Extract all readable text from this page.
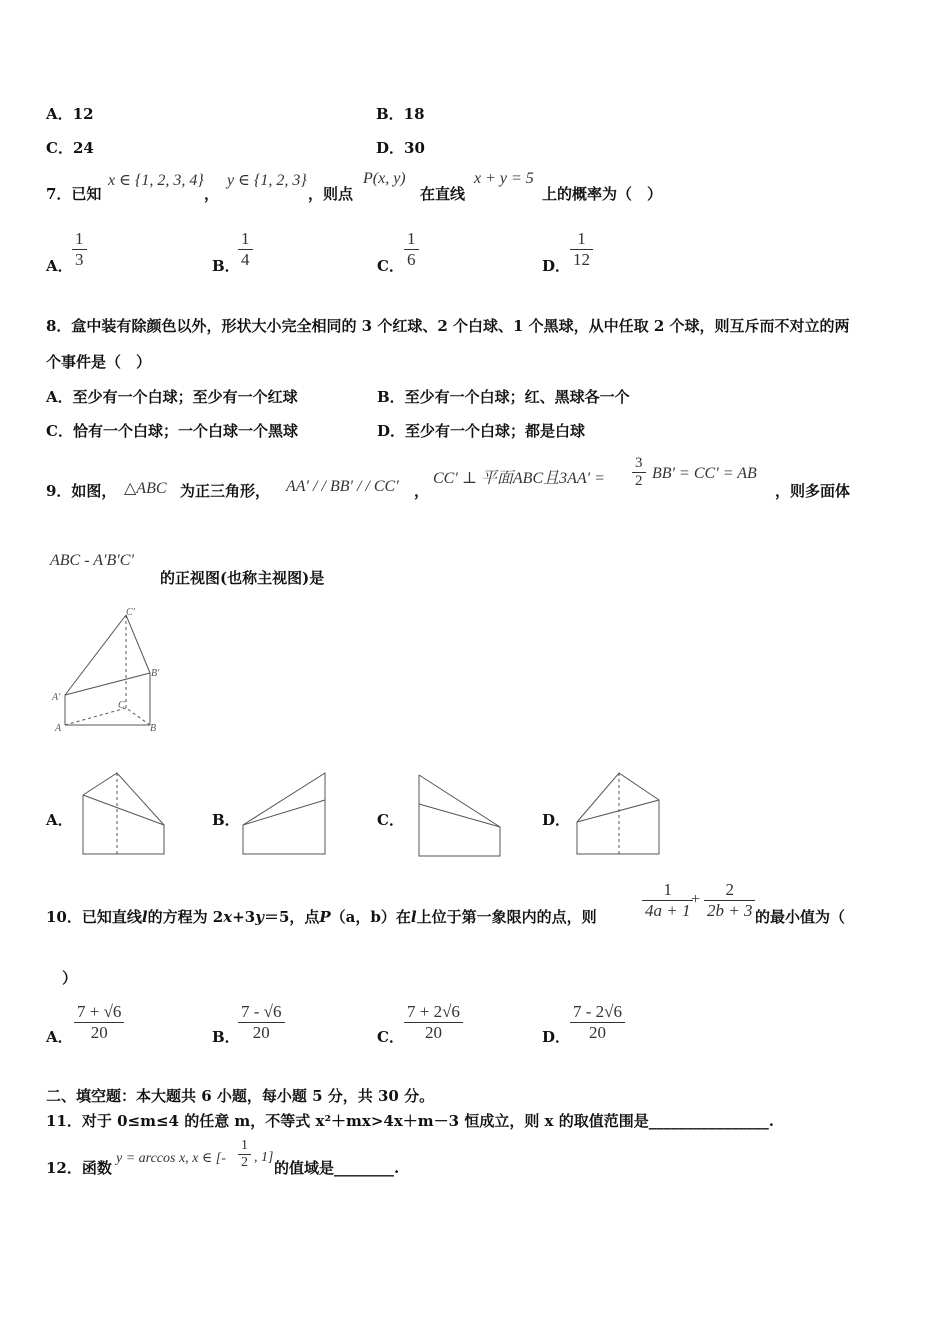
A．12	B．18
C．24	D．30
7．已知
x ∈ {1, 2, 3, 4}
，
y ∈ {1, 2, 3}
，则点
P(x, y)
在直线
x + y = 5
上的概率为（　）
A． $\frac{1}{3}$	B．
$\frac{1}{4}$	C． $\frac{1}{6}$	D． $\frac{1}{12}$
8．盒中装有除颜色以外，形状大小完全相同的 3 个红球、2 个白球、1 个黑球，从中任取 2 个球，则互斥而不对立的两
个事件是（　）
A．至少有一个白球；至少有一个红球	B．至少有一个白球；红、黑球各一个
C．恰有一个白球；一个白球一个黑球	D．至少有一个白球；都是白球
9．如图， △ABC 为正三角形， AA′ / / BB′ / / CC′ ，
CC′ ⊥ 平面ABC且$3AA' = \frac{3}{2} BB' = CC'$ = AB
，则多面体
ABC - A′B′C′
的正视图(也称主视图)是
C′
B′
A′
C
A	B
A．	B．	C．	D．
10．已知直线l的方程为 2x+3y＝5，点P（a，b）在l上位于第一象限内的点，则	$\frac{1}{4a + 1}$
+ $\frac{2}{2b + 3}$ 的最小值为（
）
A． $\frac{7 + √6}{20}$	B．
$\frac{7 - √6}{20}$	C． $\frac{7 + 2√6}{20}$	D． $\frac{7 - 2√6}{20}$
二、填空题：本大题共 6 小题，每小题 5 分，共 30 分。
11．对于 0≤m≤4 的任意 m，不等式 x²＋mx>4x＋m－3 恒成立，则 x 的取值范围是________________.
12．函数
y = arccos x, x ∈ [- $\frac{1}{2}$ , 1]
的值域是________.
